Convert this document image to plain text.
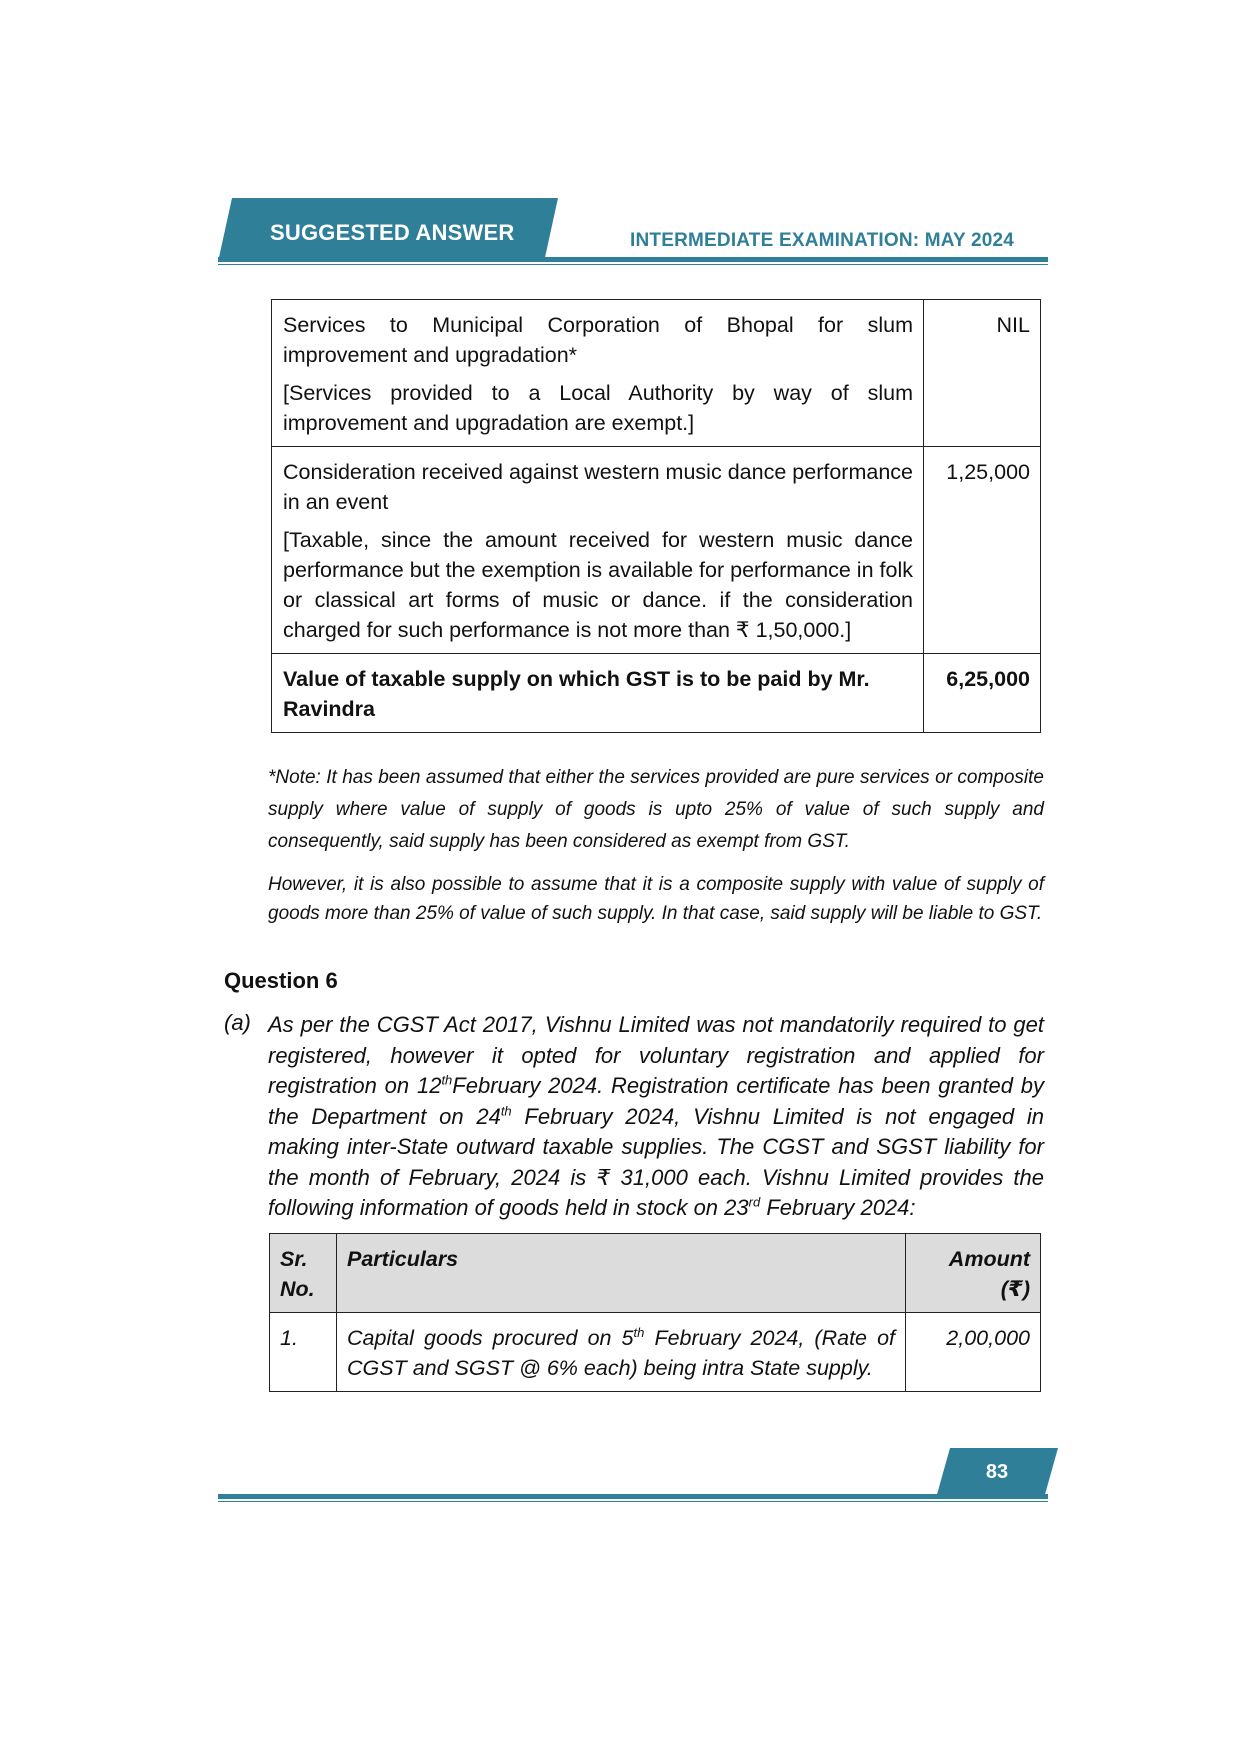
SUGGESTED ANSWER	INTERMEDIATE EXAMINATION: MAY 2024

Services to Municipal Corporation of Bhopal for slum improvement and upgradation*

[Services provided to a Local Authority by way of slum improvement and upgradation are exempt.]	NIL

Consideration received against western music dance performance in an event

[Taxable, since the amount received for western music dance performance but the exemption is available for performance in folk or classical art forms of music or dance. if the consideration charged for such performance is not more than ₹ 1,50,000.]	1,25,000
Value of taxable supply on which GST is to be paid by Mr. Ravindra	6,25,000
*Note: It has been assumed that either the services provided are pure services or composite supply where value of supply of goods is upto 25% of value of such supply and consequently, said supply has been considered as exempt from GST.
However, it is also possible to assume that it is a composite supply with value of supply of goods more than 25% of value of such supply. In that case, said supply will be liable to GST.
Question 6
(a) As per the CGST Act 2017, Vishnu Limited was not mandatorily required to get registered, however it opted for voluntary registration and applied for registration on 12thFebruary 2024. Registration certificate has been granted by the Department on 24th February 2024, Vishnu Limited is not engaged in making inter-State outward taxable supplies. The CGST and SGST liability for the month of February, 2024 is ₹ 31,000 each. Vishnu Limited provides the following information of goods held in stock on 23rd February 2024:
Sr. No.	Particulars	Amount (₹)
1.	Capital goods procured on 5th February 2024, (Rate of CGST and SGST @ 6% each) being intra State supply.	2,00,000
83
